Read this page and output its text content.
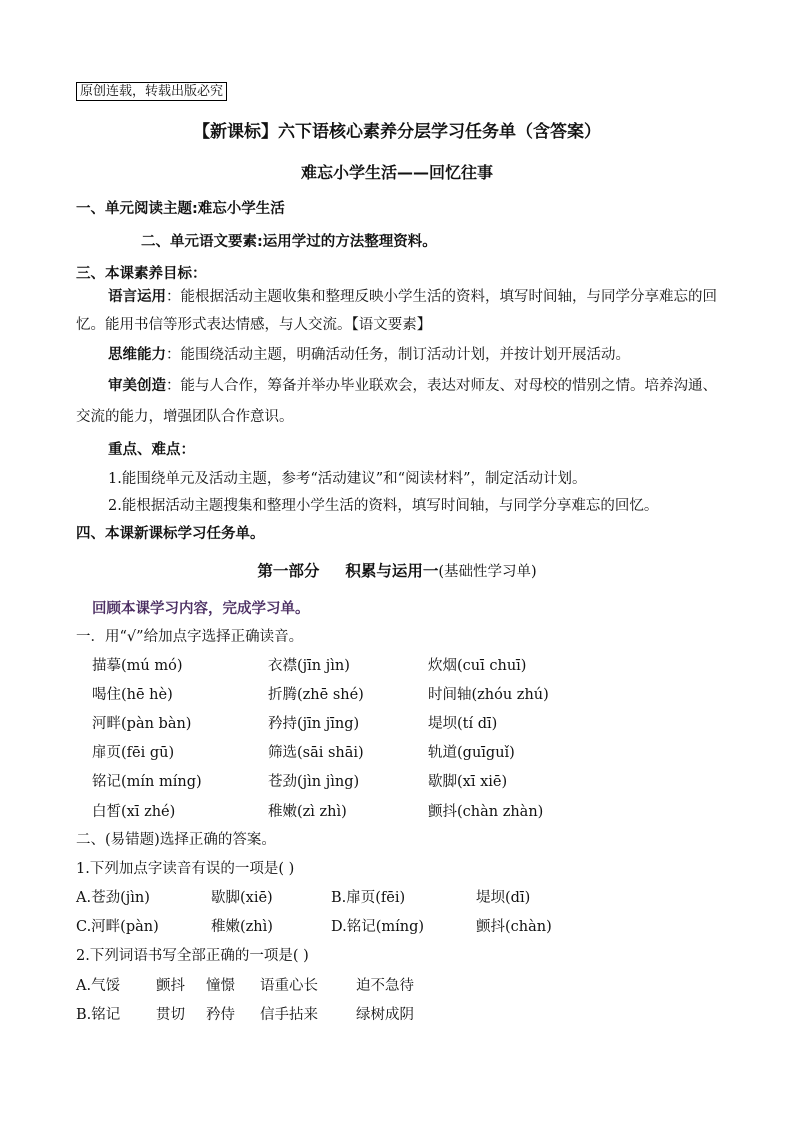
原创连载，转载出版必究
【新课标】六下语核心素养分层学习任务单（含答案）
难忘小学生活——回忆往事
一、单元阅读主题:难忘小学生活
二、单元语文要素:运用学过的方法整理资料。
三、本课素养目标：
语言运用：能根据活动主题收集和整理反映小学生活的资料，填写时间轴，与同学分享难忘的回忆。能用书信等形式表达情感，与人交流。【语文要素】
思维能力：能围绕活动主题，明确活动任务，制订活动计划，并按计划开展活动。
审美创造：能与人合作，筹备并举办毕业联欢会，表达对师友、对母校的惜别之情。培养沟通、交流的能力，增强团队合作意识。
重点、难点：
1.能围绕单元及活动主题，参考“活动建议”和“阅读材料”，制定活动计划。
2.能根据活动主题搜集和整理小学生活的资料，填写时间轴，与同学分享难忘的回忆。
四、本课新课标学习任务单。
第一部分 积累与运用一(基础性学习单)
回顾本课学习内容，完成学习单。
一．用“√”给加点字选择正确读音。
描摹(mú mó)	衣襟(jīn jìn)	炊烟(cuī chuī)
喝住(hē hè)	折腾(zhē shé)	时间轴(zhóu zhú)
河畔(pàn bàn)	矜持(jīn jīng)	堤坝(tí dī)
扉页(fēi gū)	筛选(sāi shāi)	轨道(guīguǐ)
铭记(mín míng)	苍劲(jìn jìng)	歇脚(xī xiē)
白皙(xī zhé)	稚嫩(zì zhì)	颤抖(chàn zhàn)
二、(易错题)选择正确的答案。
1.下列加点字读音有误的一项是( )
A.苍劲(jìn)	歇脚(xiē)	B.扉页(fēi)	堤坝(dī)
C.河畔(pàn)	稚嫩(zhì)	D.铭记(míng)	颤抖(chàn)
2.下列词语书写全部正确的一项是( )
A.气馁 颤抖 憧憬 语重心长	迫不急待
B.铭记 贯切 矜侍 信手拈来	绿树成阴
